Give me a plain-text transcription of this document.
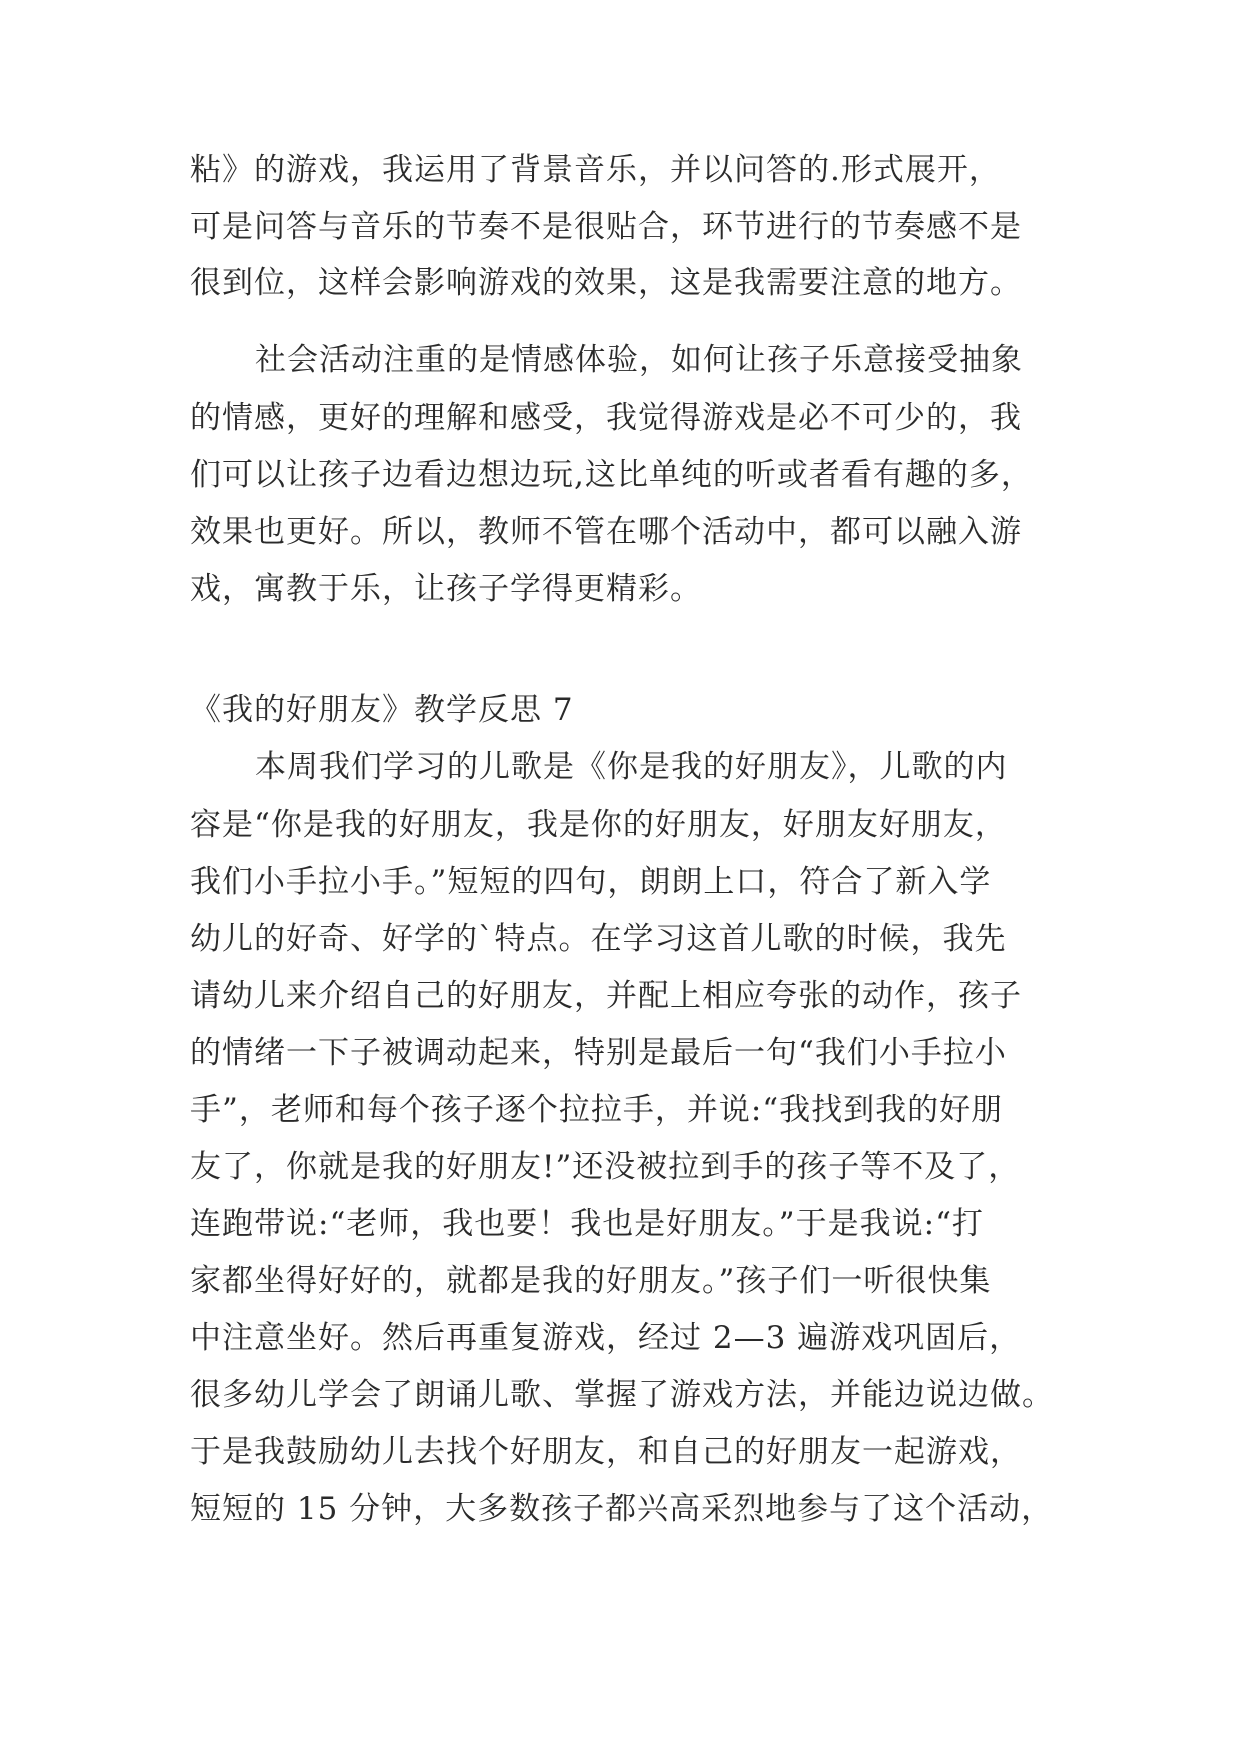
粘》的游戏，我运用了背景音乐，并以问答的.形式展开，
可是问答与音乐的节奏不是很贴合，环节进行的节奏感不是
很到位，这样会影响游戏的效果，这是我需要注意的地方。
社会活动注重的是情感体验，如何让孩子乐意接受抽象
的情感，更好的理解和感受，我觉得游戏是必不可少的，我
们可以让孩子边看边想边玩,这比单纯的听或者看有趣的多，
效果也更好。所以，教师不管在哪个活动中，都可以融入游
戏，寓教于乐，让孩子学得更精彩。
《我的好朋友》教学反思 7
本周我们学习的儿歌是《你是我的好朋友》，儿歌的内
容是“你是我的好朋友，我是你的好朋友，好朋友好朋友，
我们小手拉小手。”短短的四句，朗朗上口，符合了新入学
幼儿的好奇、好学的`特点。在学习这首儿歌的时候，我先
请幼儿来介绍自己的好朋友，并配上相应夸张的动作，孩子
的情绪一下子被调动起来，特别是最后一句“我们小手拉小
手”，老师和每个孩子逐个拉拉手，并说:“我找到我的好朋
友了，你就是我的好朋友!”还没被拉到手的孩子等不及了，
连跑带说:“老师，我也要！我也是好朋友。”于是我说:“打
家都坐得好好的，就都是我的好朋友。”孩子们一听很快集
中注意坐好。然后再重复游戏，经过 2—3 遍游戏巩固后，
很多幼儿学会了朗诵儿歌、掌握了游戏方法，并能边说边做。
于是我鼓励幼儿去找个好朋友，和自己的好朋友一起游戏，
短短的 15 分钟，大多数孩子都兴高采烈地参与了这个活动，
